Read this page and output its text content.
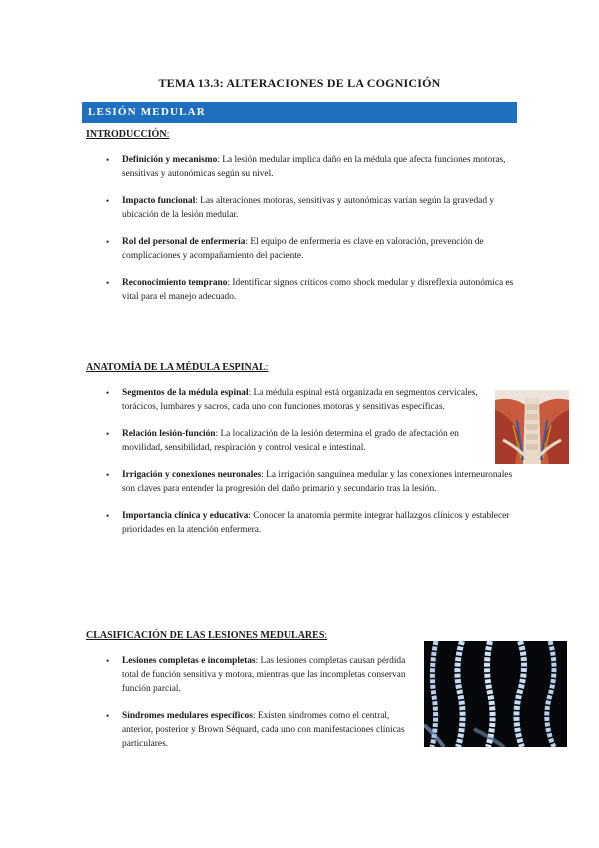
TEMA 13.3: ALTERACIONES DE LA COGNICIÓN
LESIÓN MEDULAR
INTRODUCCIÓN:
• Definición y mecanismo: La lesión medular implica daño en la médula que afecta funciones motoras, sensitivas y autonómicas según su nivel.
• Impacto funcional: Las alteraciones motoras, sensitivas y autonómicas varían según la gravedad y ubicación de la lesión medular.
• Rol del personal de enfermería: El equipo de enfermería es clave en valoración, prevención de complicaciones y acompañamiento del paciente.
• Reconocimiento temprano: Identificar signos críticos como shock medular y disreflexia autonómica es vital para el manejo adecuado.
ANATOMÍA DE LA MÉDULA ESPINAL:
• Segmentos de la médula espinal: La médula espinal está organizada en segmentos cervicales, torácicos, lumbares y sacros, cada uno con funciones motoras y sensitivas específicas.
• Relación lesión-función: La localización de la lesión determina el grado de afectación en movilidad, sensibilidad, respiración y control vesical e intestinal.
• Irrigación y conexiones neuronales: La irrigación sanguínea medular y las conexiones interneuronales son claves para entender la progresión del daño primario y secundario tras la lesión.
• Importancia clínica y educativa: Conocer la anatomía permite integrar hallazgos clínicos y establecer prioridades en la atención enfermera.
CLASIFICACIÓN DE LAS LESIONES MEDULARES:
• Lesiones completas e incompletas: Las lesiones completas causan pérdida total de función sensitiva y motora, mientras que las incompletas conservan función parcial.
• Síndromes medulares específicos: Existen síndromes como el central, anterior, posterior y Brown Séquard, cada uno con manifestaciones clínicas particulares.
